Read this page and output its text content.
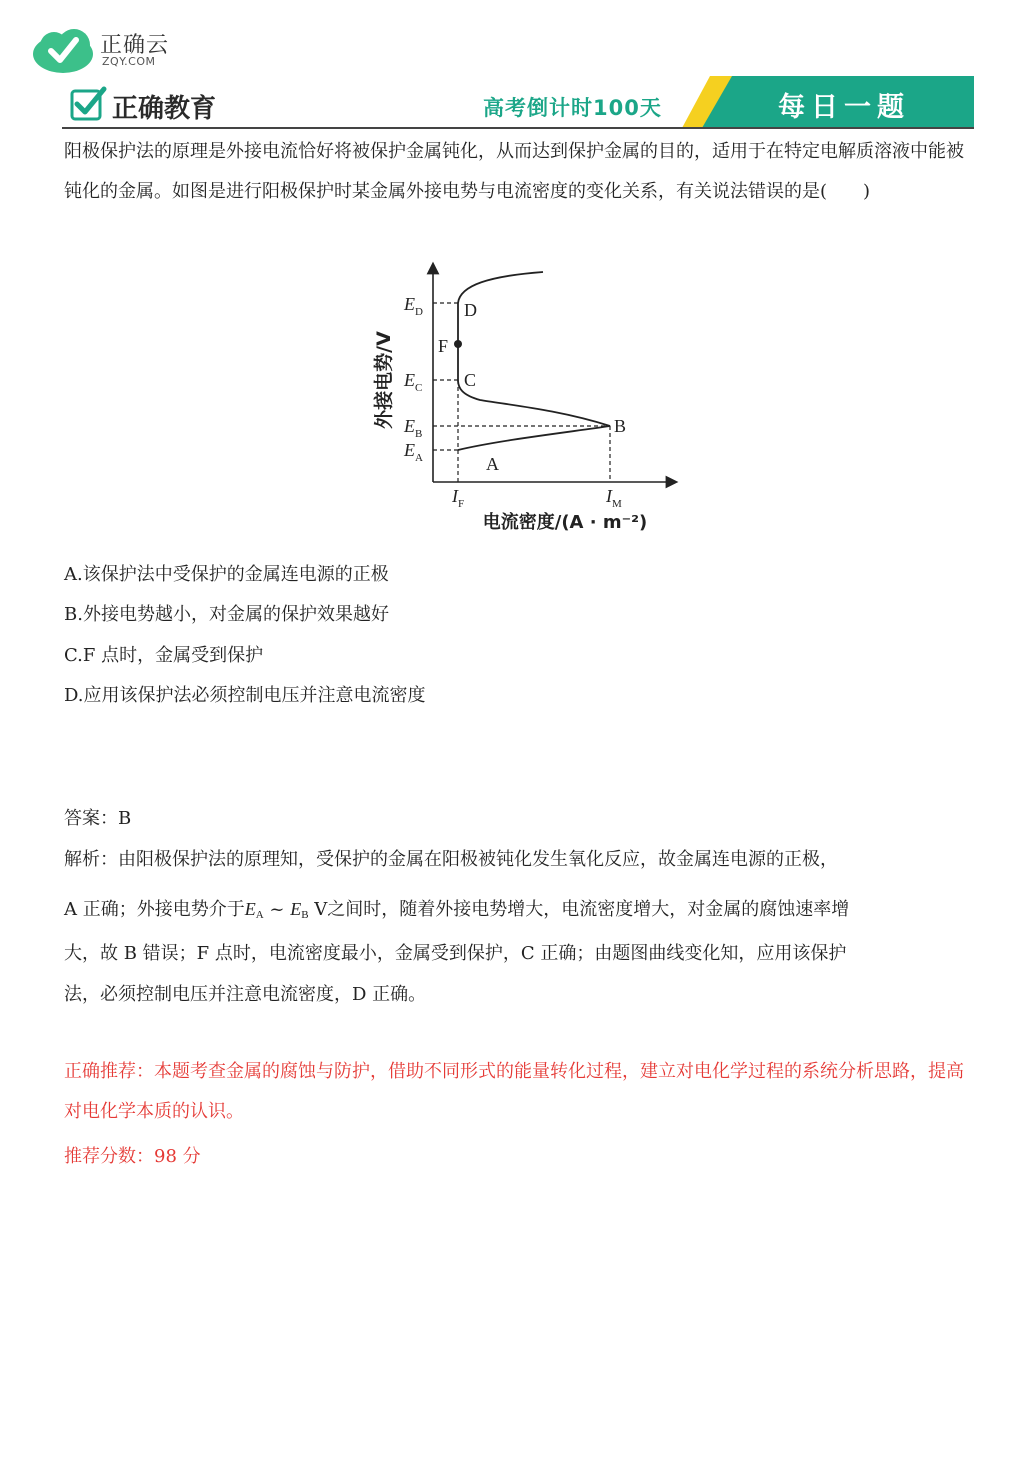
正确云
ZQY.COM
正确教育	高考倒计时100天	每日一题
阳极保护法的原理是外接电流恰好将被保护金属钝化，从而达到保护金属的目的，适用于在特定电解质溶液中能被钝化的金属。如图是进行阳极保护时某金属外接电势与电流密度的变化关系，有关说法错误的是(　　)
外接电势/V
$E_D$
$E_C$
$E_B$
$E_A$
$I_F$	$I_M$
D
F
C
B
A
电流密度/(A · m⁻²)
A.该保护法中受保护的金属连电源的正极
B.外接电势越小，对金属的保护效果越好
C.F 点时，金属受到保护
D.应用该保护法必须控制电压并注意电流密度
答案：B
解析：由阳极保护法的原理知，受保护的金属在阳极被钝化发生氧化反应，故金属连电源的正极，
A 正确；外接电势介于$E_A$ ~ $E_B$ V之间时，随着外接电势增大，电流密度增大，对金属的腐蚀速率增
大，故 B 错误；F 点时，电流密度最小，金属受到保护，C 正确；由题图曲线变化知，应用该保护
法，必须控制电压并注意电流密度，D 正确。
正确推荐：本题考查金属的腐蚀与防护，借助不同形式的能量转化过程，建立对电化学过程的系统分析思路，提高对电化学本质的认识。
推荐分数：98 分
